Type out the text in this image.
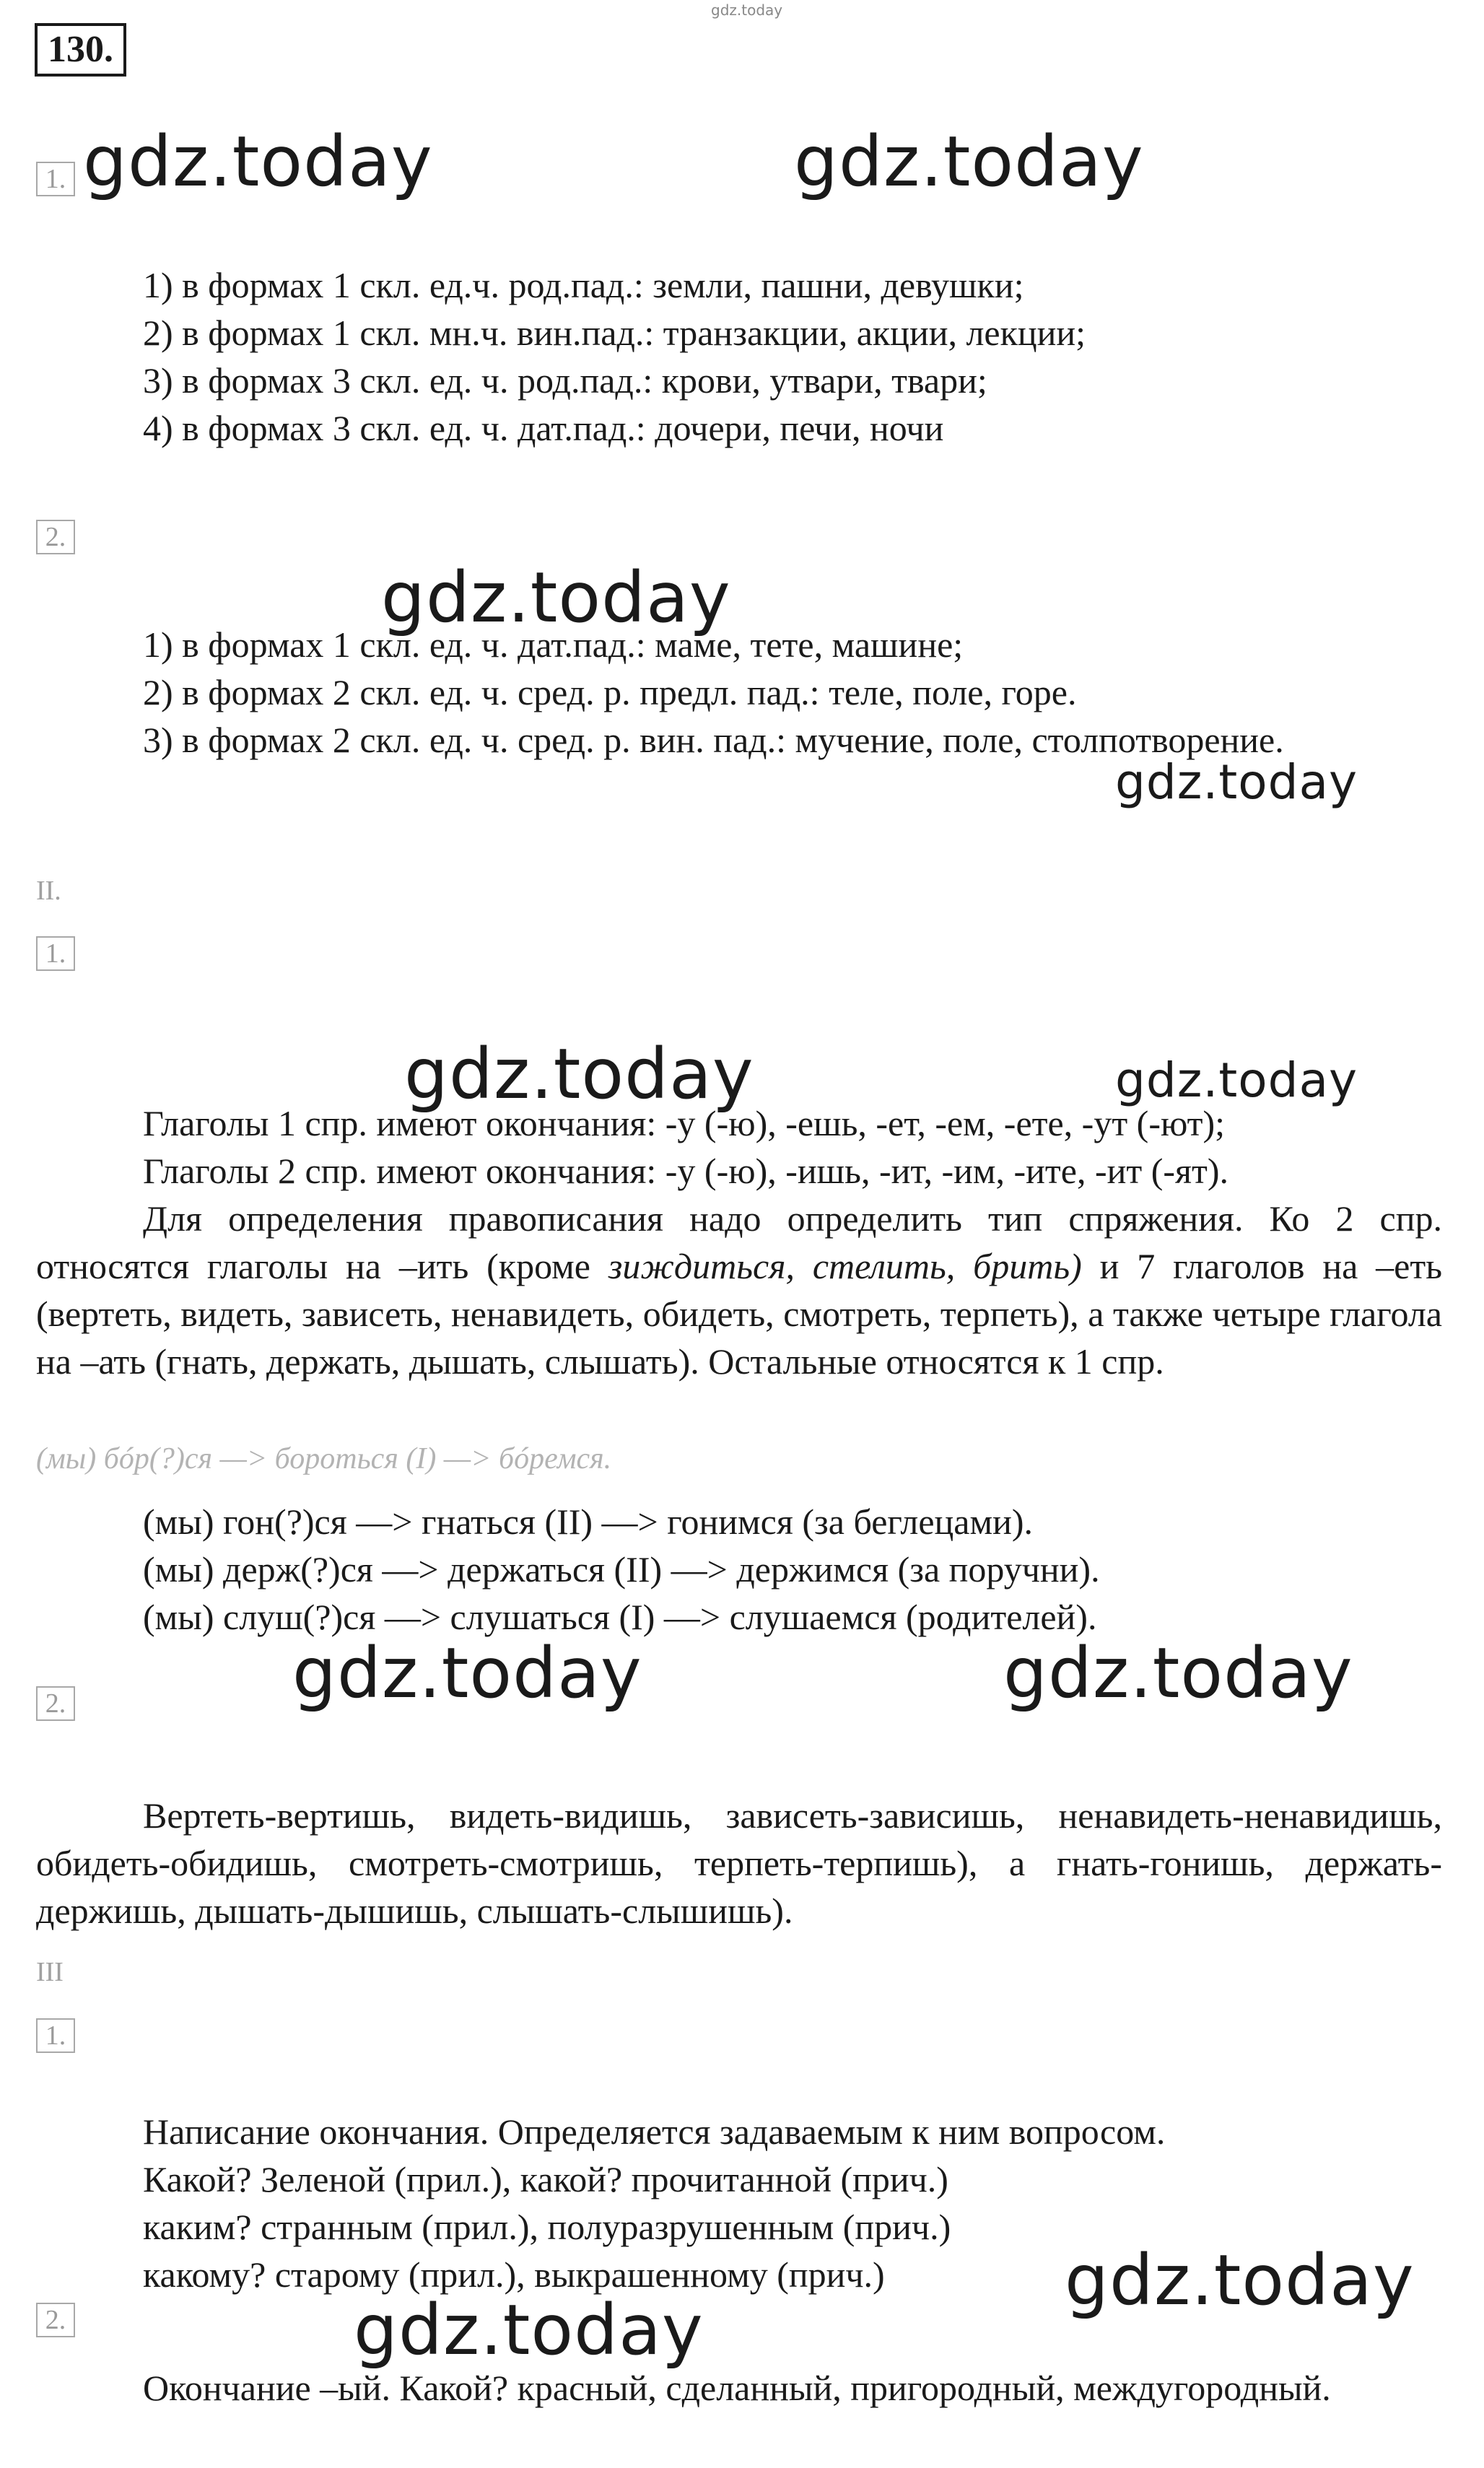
gdz.today
130.
1. gdz.today	gdz.today
1) в формах 1 скл. ед.ч. род.пад.: земли, пашни, девушки;
2) в формах 1 скл. мн.ч. вин.пад.: транзакции, акции, лекции;
3) в формах 3 скл. ед. ч. род.пад.: крови, утвари, твари;
4) в формах 3 скл. ед. ч. дат.пад.: дочери, печи, ночи
2.
gdz.today
1) в формах 1 скл. ед. ч. дат.пад.: маме, тете, машине;
2) в формах 2 скл. ед. ч. сред. р. предл. пад.: теле, поле, горе.
3) в формах 2 скл. ед. ч. сред. р. вин. пад.: мучение, поле, столпотворение.
gdz.today
II.
1.
gdz.today	gdz.today
Глаголы 1 спр. имеют окончания: -у (-ю), -ешь, -ет, -ем, -ете, -ут (-ют);
Глаголы 2 спр. имеют окончания: -у (-ю), -ишь, -ит, -им, -ите, -ит (-ят).
Для определения правописания надо определить тип спряжения. Ко 2 спр. относятся глаголы на –ить (кроме зиждиться, стелить, брить) и 7 глаголов на –еть (вертеть, видеть, зависеть, ненавидеть, обидеть, смотреть, терпеть), а также четыре глагола на –ать (гнать, держать, дышать, слышать). Остальные относятся к 1 спр.
(мы) бóр(?)ся —> бороться (I) —> бóремся.
(мы) гон(?)ся —> гнаться (II) —> гонимся (за беглецами).
(мы) держ(?)ся —> держаться (II) —> держимся (за поручни).
(мы) слуш(?)ся —> слушаться (I) —> слушаемся (родителей).
gdz.today	gdz.today
2.
Вертеть-вертишь, видеть-видишь, зависеть-зависишь, ненавидеть-ненавидишь, обидеть-обидишь, смотреть-смотришь, терпеть-терпишь), а гнать-гонишь, держать-держишь, дышать-дышишь, слышать-слышишь).
III
1.
Написание окончания. Определяется задаваемым к ним вопросом.
Какой? Зеленой (прил.), какой? прочитанной (прич.)
каким? странным (прил.), полуразрушенным (прич.)
какому? старому (прил.), выкрашенному (прич.)	gdz.today
2.	gdz.today
Окончание –ый. Какой? красный, сделанный, пригородный, междугородный.
